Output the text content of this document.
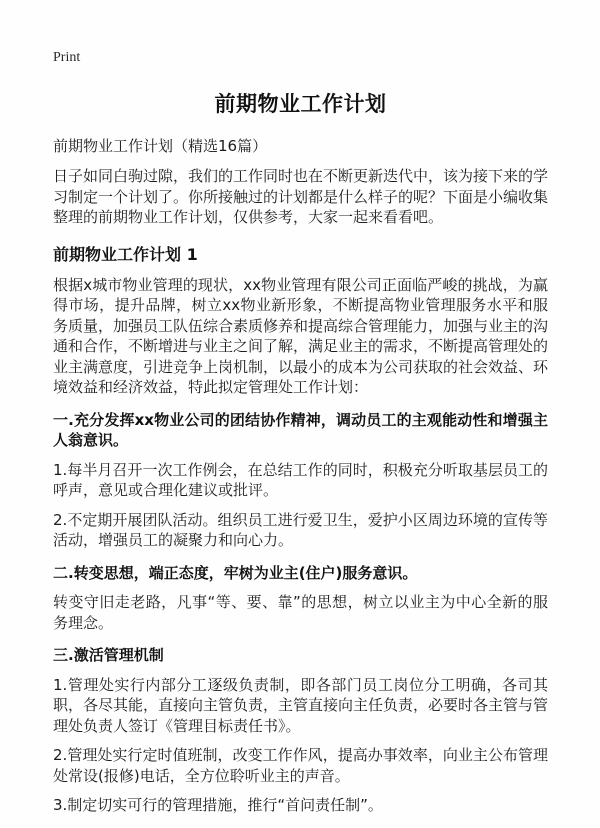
Print
前期物业工作计划
前期物业工作计划（精选16篇）

日子如同白驹过隙，我们的工作同时也在不断更新迭代中，该为接下来的学习制定一个计划了。你所接触过的计划都是什么样子的呢？下面是小编收集整理的前期物业工作计划，仅供参考，大家一起来看看吧。

前期物业工作计划 1

根据x城市物业管理的现状，xx物业管理有限公司正面临严峻的挑战，为赢得市场，提升品牌，树立xx物业新形象，不断提高物业管理服务水平和服务质量，加强员工队伍综合素质修养和提高综合管理能力，加强与业主的沟通和合作，不断增进与业主之间了解，满足业主的需求，不断提高管理处的业主满意度，引进竞争上岗机制，以最小的成本为公司获取的社会效益、环境效益和经济效益，特此拟定管理处工作计划：

一.充分发挥xx物业公司的团结协作精神，调动员工的主观能动性和增强主人翁意识。

1.每半月召开一次工作例会，在总结工作的同时，积极充分听取基层员工的呼声，意见或合理化建议或批评。

2.不定期开展团队活动。组织员工进行爱卫生，爱护小区周边环境的宣传等活动，增强员工的凝聚力和向心力。

二.转变思想，端正态度，牢树为业主(住户)服务意识。

转变守旧走老路，凡事“等、要、靠”的思想，树立以业主为中心全新的服务理念。

三.激活管理机制

1.管理处实行内部分工逐级负责制，即各部门员工岗位分工明确，各司其职，各尽其能，直接向主管负责，主管直接向主任负责，必要时各主管与管理处负责人签订《管理目标责任书》。

2.管理处实行定时值班制，改变工作作风，提高办事效率，向业主公布管理处常设(报修)电话，全方位聆听业主的声音。

3.制定切实可行的管理措施，推行“首问责任制”。
